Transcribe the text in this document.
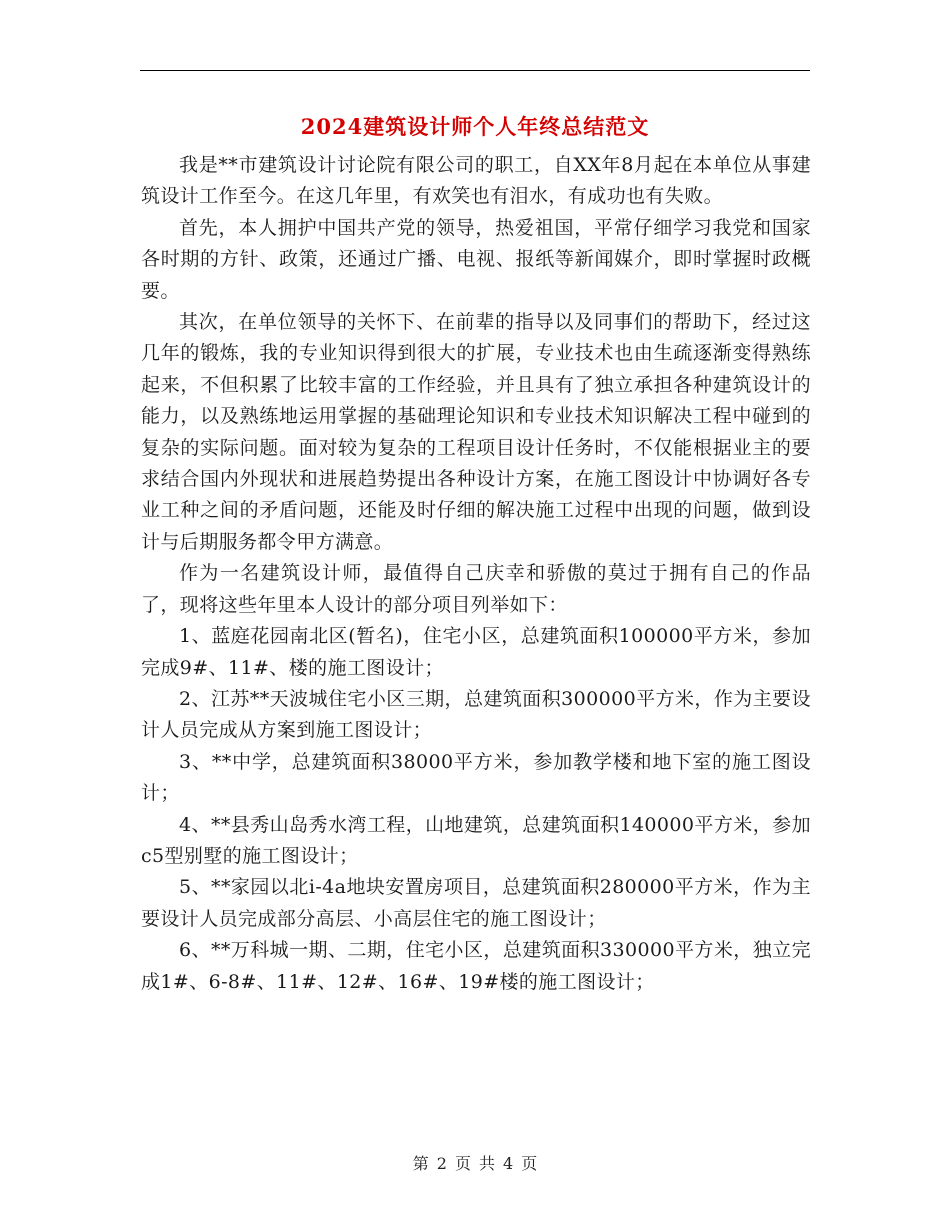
2024建筑设计师个人年终总结范文

我是**市建筑设计讨论院有限公司的职工，自XX年8月起在本单位从事建筑设计工作至今。在这几年里，有欢笑也有泪水，有成功也有失败。

首先，本人拥护中国共产党的领导，热爱祖国，平常仔细学习我党和国家各时期的方针、政策，还通过广播、电视、报纸等新闻媒介，即时掌握时政概要。

其次，在单位领导的关怀下、在前辈的指导以及同事们的帮助下，经过这几年的锻炼，我的专业知识得到很大的扩展，专业技术也由生疏逐渐变得熟练起来，不但积累了比较丰富的工作经验，并且具有了独立承担各种建筑设计的能力，以及熟练地运用掌握的基础理论知识和专业技术知识解决工程中碰到的复杂的实际问题。面对较为复杂的工程项目设计任务时，不仅能根据业主的要求结合国内外现状和进展趋势提出各种设计方案，在施工图设计中协调好各专业工种之间的矛盾问题，还能及时仔细的解决施工过程中出现的问题，做到设计与后期服务都令甲方满意。

作为一名建筑设计师，最值得自己庆幸和骄傲的莫过于拥有自己的作品了，现将这些年里本人设计的部分项目列举如下：

1、蓝庭花园南北区(暂名)，住宅小区，总建筑面积100000平方米，参加完成9#、11#、楼的施工图设计；

2、江苏**天波城住宅小区三期，总建筑面积300000平方米，作为主要设计人员完成从方案到施工图设计；

3、**中学，总建筑面积38000平方米，参加教学楼和地下室的施工图设计；

4、**县秀山岛秀水湾工程，山地建筑，总建筑面积140000平方米，参加c5型别墅的施工图设计；

5、**家园以北i-4a地块安置房项目，总建筑面积280000平方米，作为主要设计人员完成部分高层、小高层住宅的施工图设计；

6、**万科城一期、二期，住宅小区，总建筑面积330000平方米，独立完成1#、6-8#、11#、12#、16#、19#楼的施工图设计；

第 2 页 共 4 页
